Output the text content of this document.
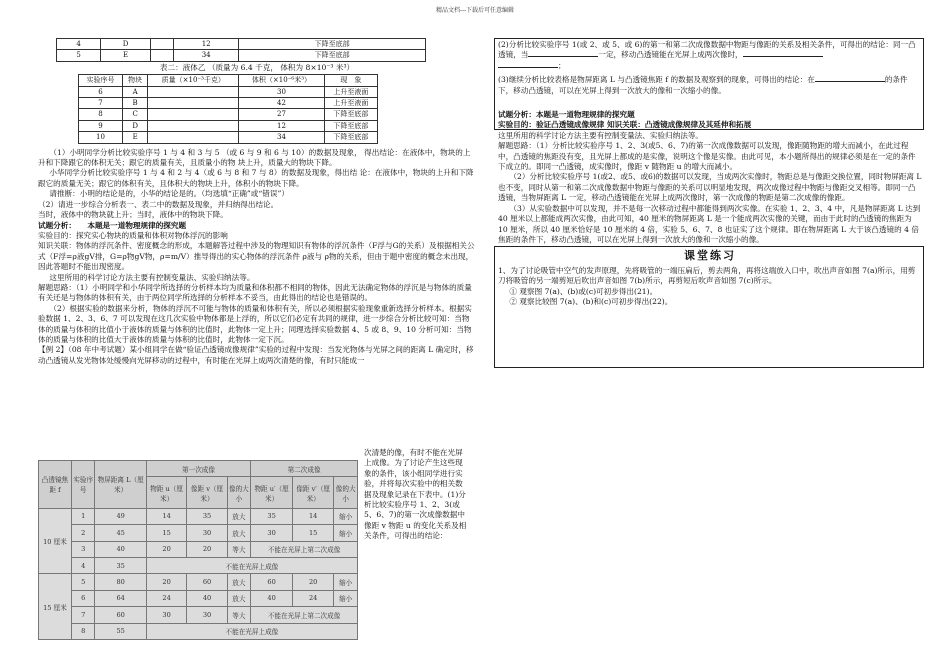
精品文档---下载后可任意编辑
4	D		12	下降至底部
5	E		34	下降至底部
表二：液体乙 （质量为 6.4 千克， 体积为 8×10⁻³ 米³）
实验序号	物块	质量（×10⁻³千克）	体积（×10⁻⁶米³）	现　象
6	A		30	上升至液面
7	B		42	上升至液面
8	C		27	下降至底部
9	D		12	下降至底部
10	E		34	下降至底部

（1）小明同学分析比较实验序号 1 与 4 和 3 与 5 （或 6 与 9 和 6 与 10）的数据及现象， 得出结论：在液体中，物块的上升和下降跟它的体积无关；跟它的质量有关，且质量小的物 块上升，质量大的物块下降。

小华同学分析比较实验序号 1 与 4 和 2 与 4（或 6 与 8 和 7 与 8）的数据及现象，得出结 论：在液体中，物块的上升和下降跟它的质量无关；跟它的体积有关，且体积大的物块上升，体积小的物块下降。

请推断：小明的结论是的，小华的结论是的。（均选填“正确”或“错误”）

（2）请进一步综合分析表一、表二中的数据及现象，并归纳得出结论。

当时，液体中的物块就上升；当时，液体中的物块下降。

试题分析：　　本题是一道物理规律的探究题

实验目的：探究实心物块的质量和体积对物体浮沉的影响

知识关联：物体的浮沉条件、密度概念的形成，本题解答过程中涉及的物理知识有物体的浮沉条件（F浮与G的关系）及根据相关公式（F浮=ρ液gV排，G=ρ物gV物，ρ=m/V）推导得出的实心物体的浮沉条件 ρ液与 ρ物的关系，但由于题中密度的概念未出现，因此答题时不能出现密度。

这里所用的科学讨论方法主要有控制变量法、实验归纳法等。

解题思路：（1）小明同学和小华同学所选择的分析样本均为质量和体积都不相同的物体，因此无法确定物体的浮沉是与物体的质量有关还是与物体的体积有关，由于两位同学所选择的分析样本不妥当，由此得出的结论也是错误的。

（2）根据实验的数据来分析，物体的浮沉不可能与物体的质量和体积有关，所以必须根据实验现象重新选择分析样本。根据实验数据 1、2、3、6、7 可以发现在这几次实验中物体都是上浮的，所以它们必定有共同的规律，进一步综合分析比较可知：当物体的质量与体积的比值小于液体的质量与体积的比值时，此物体一定上升；同理选择实验数据 4、5 或 8、9、10 分析可知：当物体的质量与体积的比值大于液体的质量与体积的比值时，此物体一定下沉。

【例 2】（08 年中考试题）某小组同学在做“验证凸透镜成像规律”实验的过程中发现：当发光物体与光屏之间的距离 L 确定时，移动凸透镜从发光物体处缓慢向光屏移动的过程中，有时能在光屏上成两次清楚的像，有时只能成一

凸透镜焦距 f	实验序号	物屏距离 L（厘米）	第一次成像			第二次成像		
			物距 u（厘米）	像距 v（厘米）	像的大小	物距 u′（厘米）	像距 v′（厘米）	像的大小
10 厘米	1	49	14	35	放大	35	14	缩小
	2	45	15	30	放大	30	15	缩小
	3	40	20	20	等大	不能在光屏上第二次成像		
	4	35	不能在光屏上成像					
15 厘米	5	80	20	60	放大	60	20	缩小
	6	64	24	40	放大	40	24	缩小
	7	60	30	30	等大	不能在光屏上第二次成像		
	8	55	不能在光屏上成像					
次清楚的像，有时不能在光屏上成像。为了讨论产生这些现象的条件，该小组同学进行实验，并将每次实验中的相关数据及现象记录在下表中。(1)分析比较实验序号 1、2、3(或5、6、7)的第一次成像数据中像距 v 物距 u 的变化关系及相关条件，可得出的结论：

(2)分析比较实验序号 1(或 2、或 5、或 6)的第一和第二次成像数据中物距与像距的关系及相关条件，可得出的结论：同一凸透镜，当	一定，移动凸透镜能在光屏上成两次像时，

；

(3)继续分析比较表格是物屏距离 L 与凸透镜焦距 f 的数据及观察到的现象，可得出的结论：在	的条件下，移动凸透镜，可以在光屏上得到一次放大的像和一次缩小的像。

试题分析：本题是一道物理规律的探究题

实验目的：验证凸透镜成像规律 知识关联：凸透镜成像规律及其延伸和拓展

这里所用的科学讨论方法主要有控制变量法、实验归纳法等。

解题思路：（1）分析比较实验序号 1、2、3(或5、6、7)的第一次成像数据可以发现，像距随物距的增大而减小，在此过程中，凸透镜的焦距没有变，且光屏上都成的是实像，说明这个像是实像。由此可见，本小题所得出的规律必须是在一定的条件下成立的。即同一凸透镜，成实像时，像距 v 随物距 u 的增大而减小。

（2）分析比较实验序号 1(或2、或5、或6)的数据可以发现，当成两次实像时，物距总是与像距交换位置，同时物屏距离 L 也不变，同时从第一和第二次成像数据中物距与像距的关系可以明显地发现，两次成像过程中物距与像距交叉相等。即同一凸透镜，当物屏距离 L 一定，移动凸透镜能在光屏上成两次像时，第一次成像的物距是第二次成像的像距。

（3）从实验数据中可以发现，并不是每一次移动过程中都能得到两次实像。在实验 1、2、3、4 中，凡是物屏距离 L 达到 40 厘米以上都能成两次实像，由此可知，40 厘米的物屏距离 L 是一个能成两次实像的关键，而由于此时的凸透镜的焦距为 10 厘米，所以 40 厘米恰好是 10 厘米的 4 倍，实验 5、6、7、8 也证实了这个规律。即在物屏距离 L 大于该凸透镜的 4 倍焦距的条件下，移动凸透镜，可以在光屏上得到一次放大的像和一次缩小的像。

课堂练习

1、为了讨论吸管中空气的发声原理，先将吸管的一端压扁后，剪去两角，再将这端放入口中，吹出声音如图 7(a)所示，用剪刀将吸管的另一端剪短后吹出声音如图 7(b)所示，再剪短后吹声音如图 7(c)所示。

① 观察图 7(a)、(b)或(c)可初步得出(21)。

② 观察比较图 7(a)、(b)和(c)可初步得出(22)。
